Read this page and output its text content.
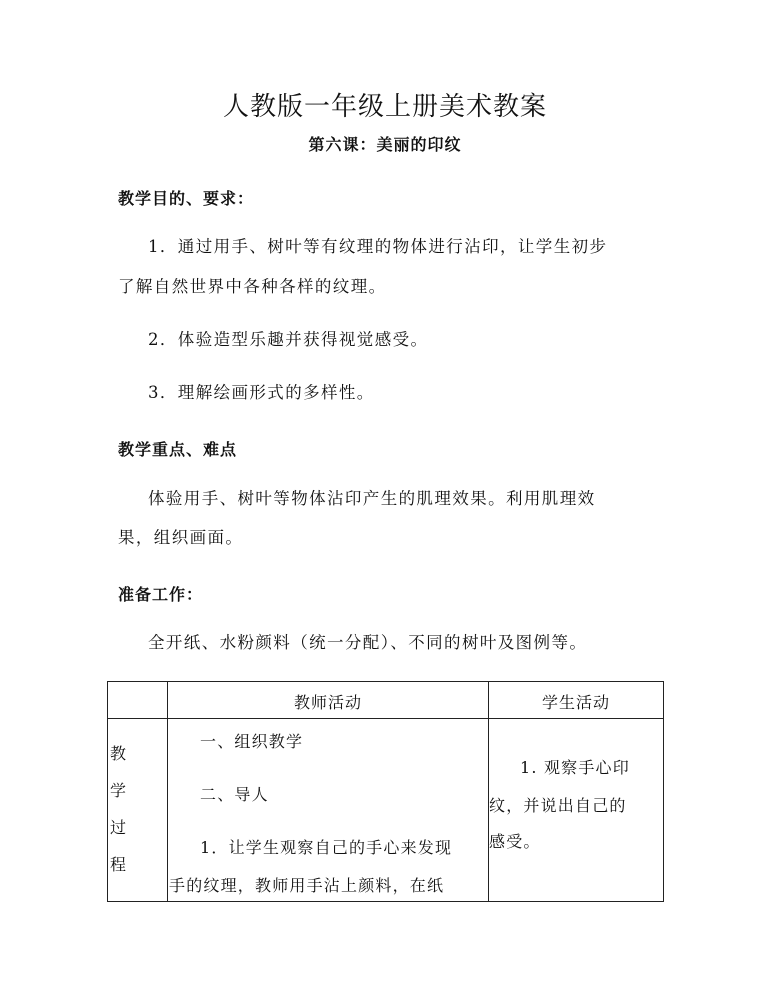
人教版一年级上册美术教案
第六课：美丽的印纹
教学目的、要求：
1．通过用手、树叶等有纹理的物体进行沾印，让学生初步
了解自然世界中各种各样的纹理。
2．体验造型乐趣并获得视觉感受。
3．理解绘画形式的多样性。
教学重点、难点
体验用手、树叶等物体沾印产生的肌理效果。利用肌理效
果，组织画面。
准备工作：
全开纸、水粉颜料（统一分配）、不同的树叶及图例等。

	教师活动	学生活动

教
学
过
程	一、组织教学
二、导人
1．让学生观察自己的手心来发现
手的纹理，教师用手沾上颜料，在纸	1. 观察手心印
纹，并说出自己的
感受。
